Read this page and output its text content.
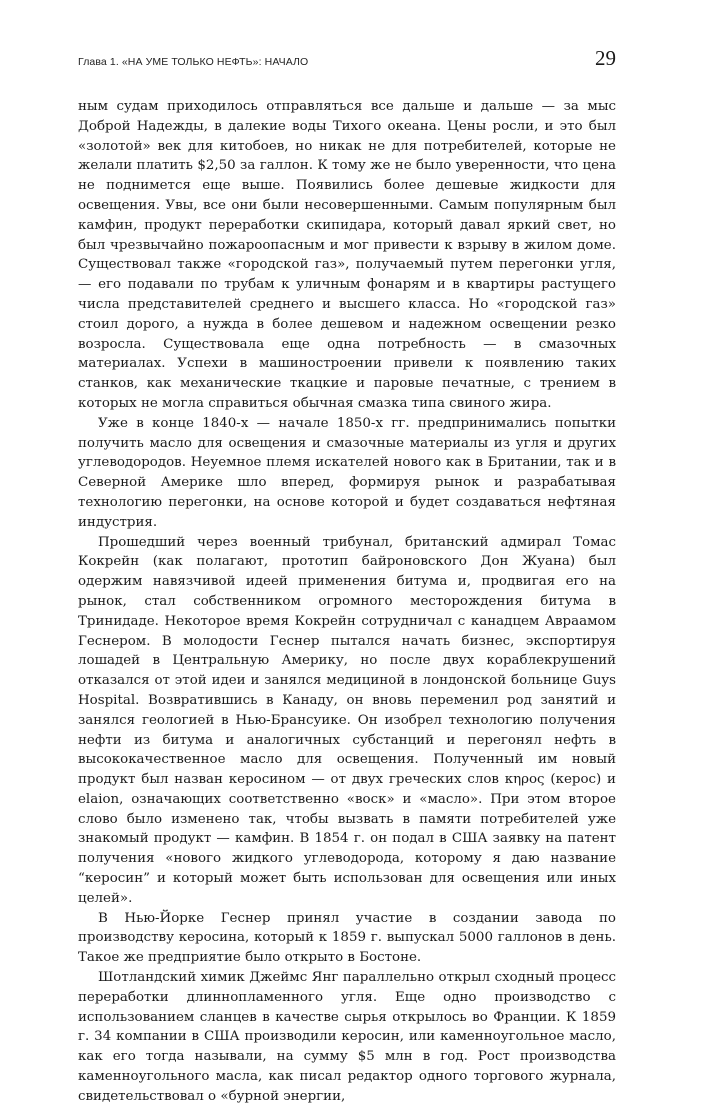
Глава 1. «НА УМЕ ТОЛЬКО НЕФТЬ»: НАЧАЛО	29

ным судам приходилось отправляться все дальше и дальше — за мыс Доброй Надежды, в далекие воды Тихого океана. Цены росли, и это был «золотой» век для китобоев, но никак не для потребителей, которые не желали платить $2,50 за галлон. К тому же не было уверенности, что цена не поднимется еще выше. Появились более дешевые жидкости для освещения. Увы, все они были несовершенными. Самым популярным был камфин, продукт переработки скипидара, который давал яркий свет, но был чрезвычайно пожароопасным и мог привести к взрыву в жилом доме. Существовал также «городской газ», получаемый путем перегонки угля, — его подавали по трубам к уличным фонарям и в квартиры растущего числа представителей среднего и высшего класса. Но «городской газ» стоил дорого, а нужда в более дешевом и надежном освещении резко возросла. Существовала еще одна потребность — в смазочных материалах. Успехи в машиностроении привели к появлению таких станков, как механические ткацкие и паровые печатные, с трением в которых не могла справиться обычная смазка типа свиного жира.

Уже в конце 1840-х — начале 1850-х гг. предпринимались попытки получить масло для освещения и смазочные материалы из угля и других углеводородов. Неуемное племя искателей нового как в Британии, так и в Северной Америке шло вперед, формируя рынок и разрабатывая технологию перегонки, на основе которой и будет создаваться нефтяная индустрия.

Прошедший через военный трибунал, британский адмирал Томас Кокрейн (как полагают, прототип байроновского Дон Жуана) был одержим навязчивой идеей применения битума и, продвигая его на рынок, стал собственником огромного месторождения битума в Тринидаде. Некоторое время Кокрейн сотрудничал с канадцем Авраамом Геснером. В молодости Геснер пытался начать бизнес, экспортируя лошадей в Центральную Америку, но после двух кораблекрушений отказался от этой идеи и занялся медициной в лондонской больнице Guys Hospital. Возвратившись в Канаду, он вновь переменил род занятий и занялся геологией в Нью-Брансуике. Он изобрел технологию получения нефти из битума и аналогичных субстанций и перегонял нефть в высококачественное масло для освещения. Полученный им новый продукт был назван керосином — от двух греческих слов κηρος (керос) и elaion, означающих соответственно «воск» и «масло». При этом второе слово было изменено так, чтобы вызвать в памяти потребителей уже знакомый продукт — камфин. В 1854 г. он подал в США заявку на патент получения «нового жидкого углеводорода, которому я даю название “керосин” и который может быть использован для освещения или иных целей».

В Нью-Йорке Геснер принял участие в создании завода по производству керосина, который к 1859 г. выпускал 5000 галлонов в день. Такое же предприятие было открыто в Бостоне.

Шотландский химик Джеймс Янг параллельно открыл сходный процесс переработки длиннопламенного угля. Еще одно производство с использованием сланцев в качестве сырья открылось во Франции. К 1859 г. 34 компании в США производили керосин, или каменноугольное масло, как его тогда называли, на сумму $5 млн в год. Рост производства каменноугольного масла, как писал редактор одного торгового журнала, свидетельствовал о «бурной энергии,
